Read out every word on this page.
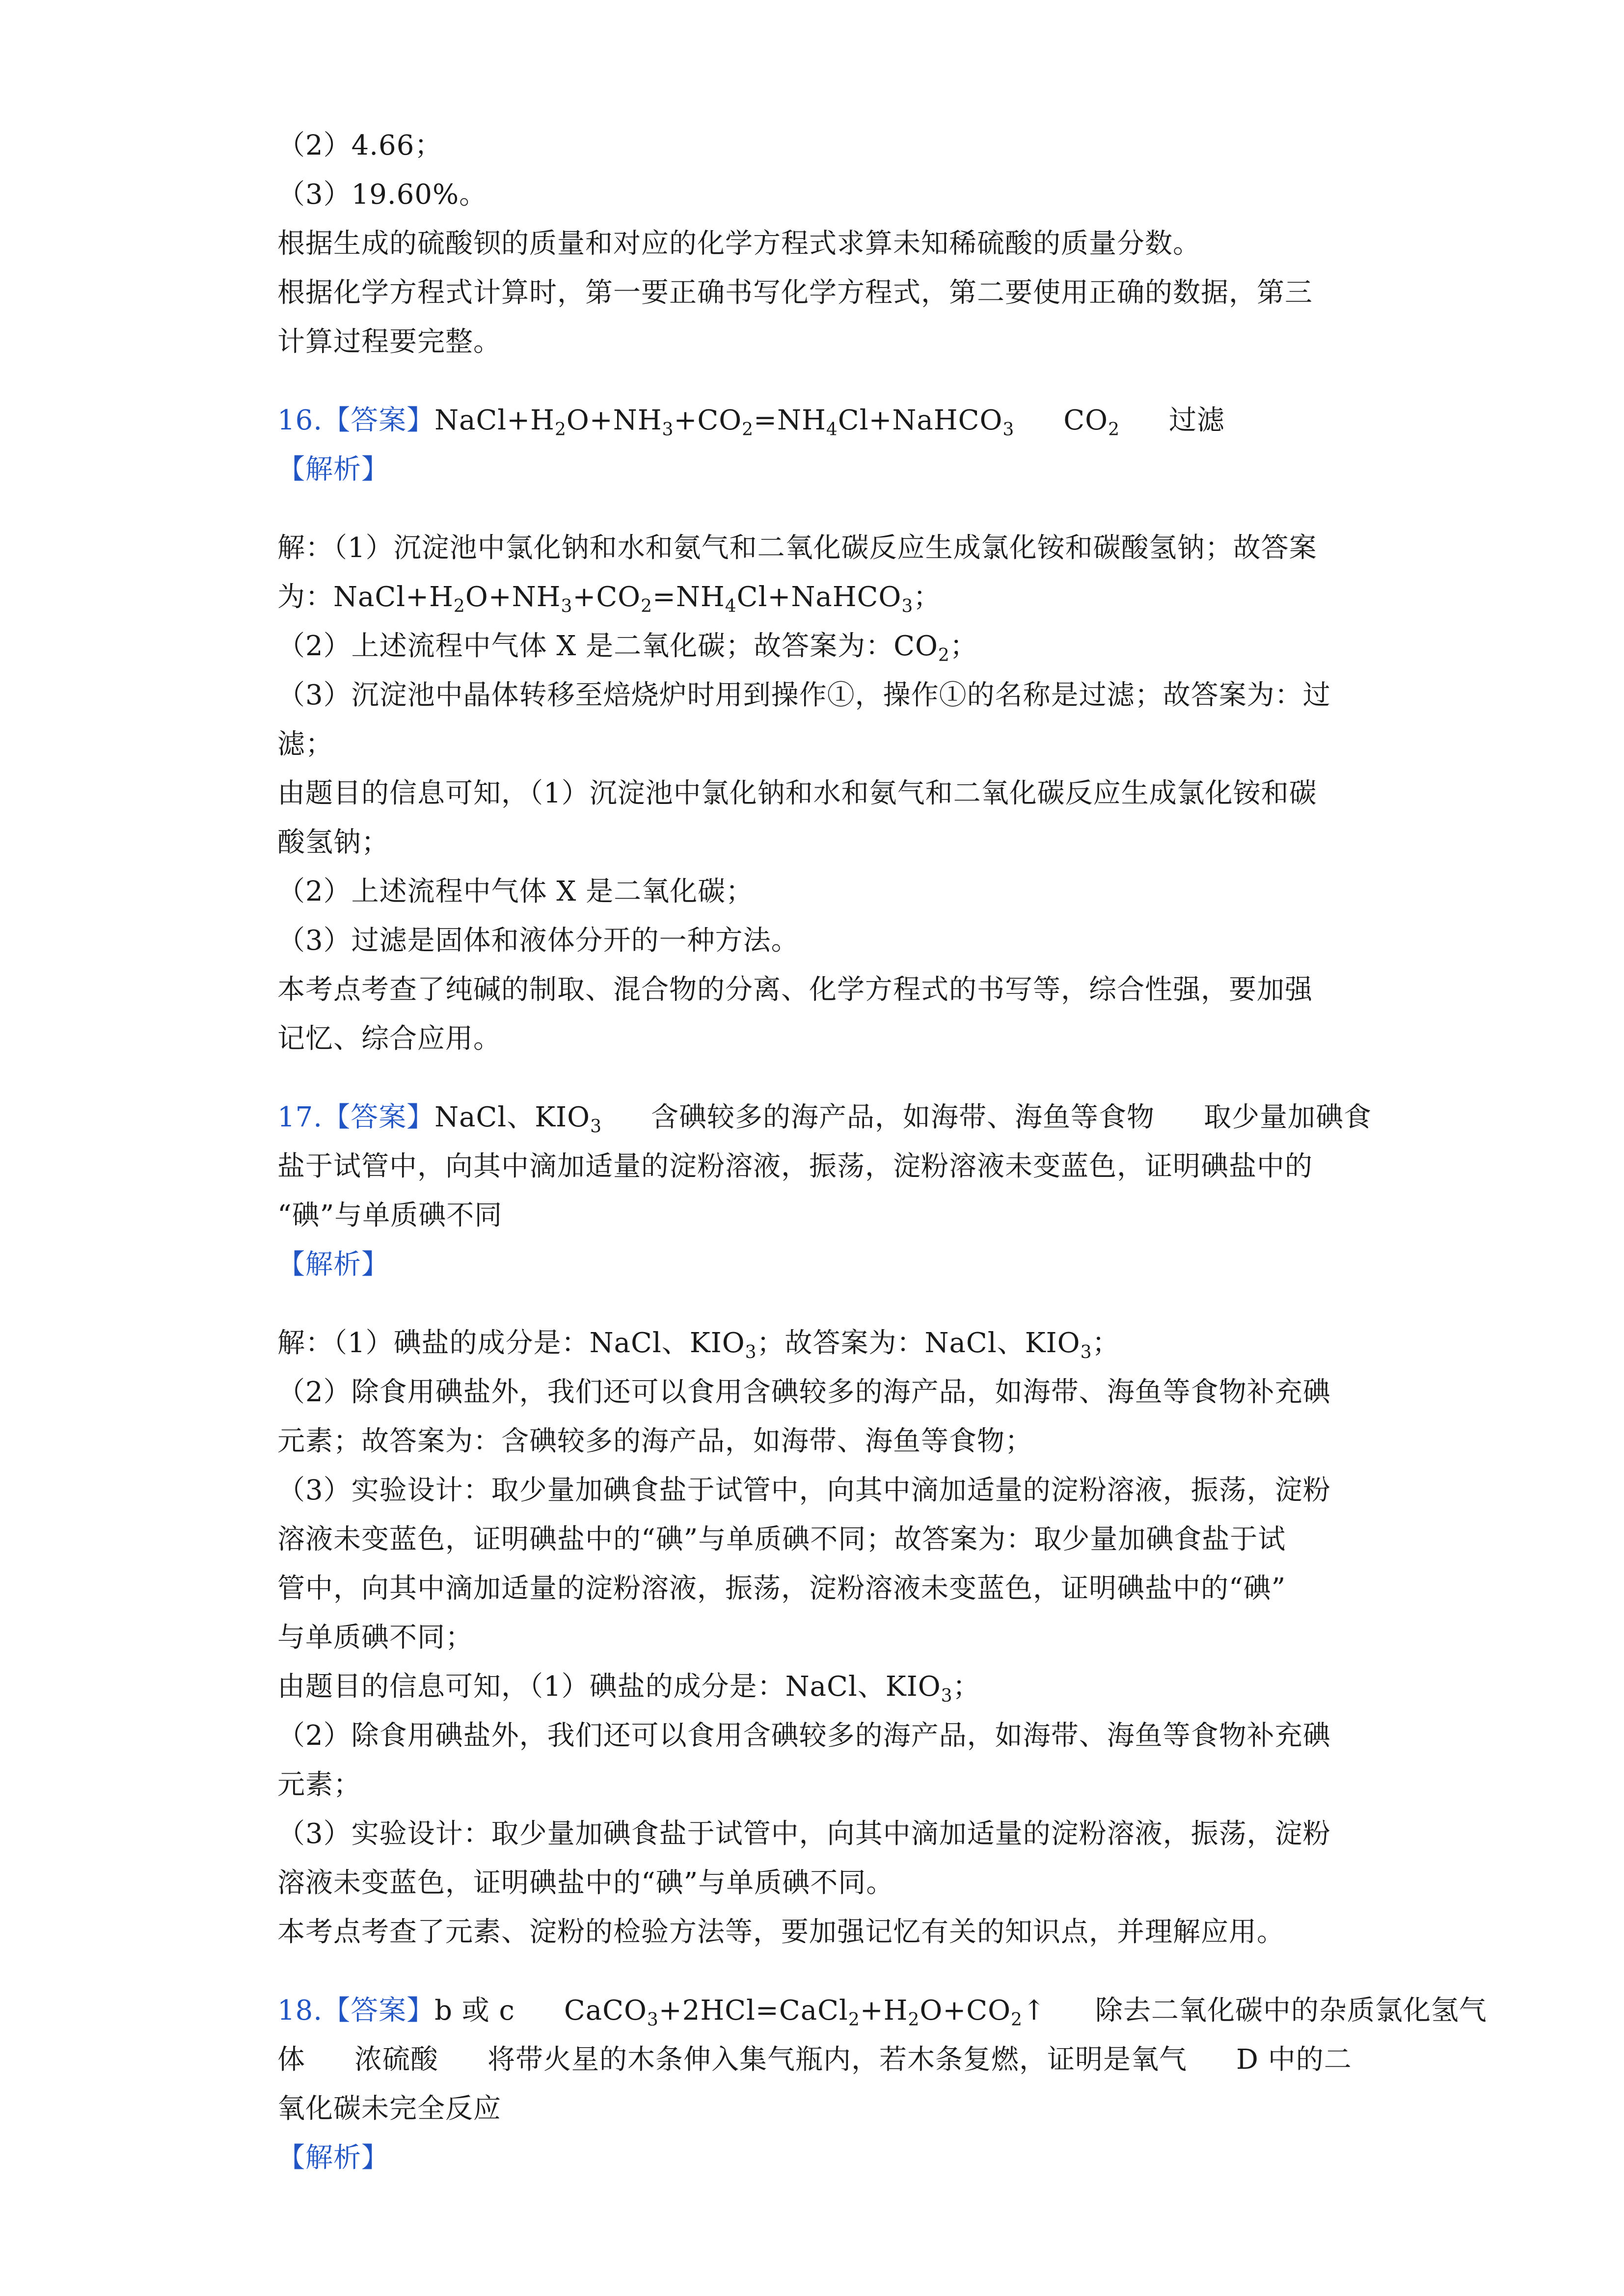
（2）4.66；
（3）19.60%。
根据生成的硫酸钡的质量和对应的化学方程式求算未知稀硫酸的质量分数。
根据化学方程式计算时，第一要正确书写化学方程式，第二要使用正确的数据，第三
计算过程要完整。
16.【答案】$NaCl+H_2O+NH_3+CO_2=NH_4Cl+NaHCO_3$ $CO_2$ 过滤
【解析】
解：（1）沉淀池中氯化钠和水和氨气和二氧化碳反应生成氯化铵和碳酸氢钠；故答案
为：$NaCl+H_2O+NH_3+CO_2=NH_4Cl+NaHCO_3$；
（2）上述流程中气体 X 是二氧化碳；故答案为：$CO_2$；
（3）沉淀池中晶体转移至焙烧炉时用到操作①，操作①的名称是过滤；故答案为：过
滤；
由题目的信息可知，（1）沉淀池中氯化钠和水和氨气和二氧化碳反应生成氯化铵和碳
酸氢钠；
（2）上述流程中气体 X 是二氧化碳；
（3）过滤是固体和液体分开的一种方法。
本考点考查了纯碱的制取、混合物的分离、化学方程式的书写等，综合性强，要加强
记忆、综合应用。
17.【答案】NaCl、$KIO_3$ 含碘较多的海产品，如海带、海鱼等食物 取少量加碘食
盐于试管中，向其中滴加适量的淀粉溶液，振荡，淀粉溶液未变蓝色，证明碘盐中的
“碘”与单质碘不同
【解析】
解：（1）碘盐的成分是：NaCl、$KIO_3$；故答案为：NaCl、$KIO_3$；
（2）除食用碘盐外，我们还可以食用含碘较多的海产品，如海带、海鱼等食物补充碘
元素；故答案为：含碘较多的海产品，如海带、海鱼等食物；
（3）实验设计：取少量加碘食盐于试管中，向其中滴加适量的淀粉溶液，振荡，淀粉
溶液未变蓝色，证明碘盐中的“碘”与单质碘不同；故答案为：取少量加碘食盐于试
管中，向其中滴加适量的淀粉溶液，振荡，淀粉溶液未变蓝色，证明碘盐中的“碘”
与单质碘不同；
由题目的信息可知，（1）碘盐的成分是：NaCl、$KIO_3$；
（2）除食用碘盐外，我们还可以食用含碘较多的海产品，如海带、海鱼等食物补充碘
元素；
（3）实验设计：取少量加碘食盐于试管中，向其中滴加适量的淀粉溶液，振荡，淀粉
溶液未变蓝色，证明碘盐中的“碘”与单质碘不同。
本考点考查了元素、淀粉的检验方法等，要加强记忆有关的知识点，并理解应用。
18.【答案】b 或 c $CaCO_3+2HCl=CaCl_2+H_2O+CO_2↑$ 除去二氧化碳中的杂质氯化氢气
体 浓硫酸 将带火星的木条伸入集气瓶内，若木条复燃，证明是氧气 D 中的二
氧化碳未完全反应
【解析】
